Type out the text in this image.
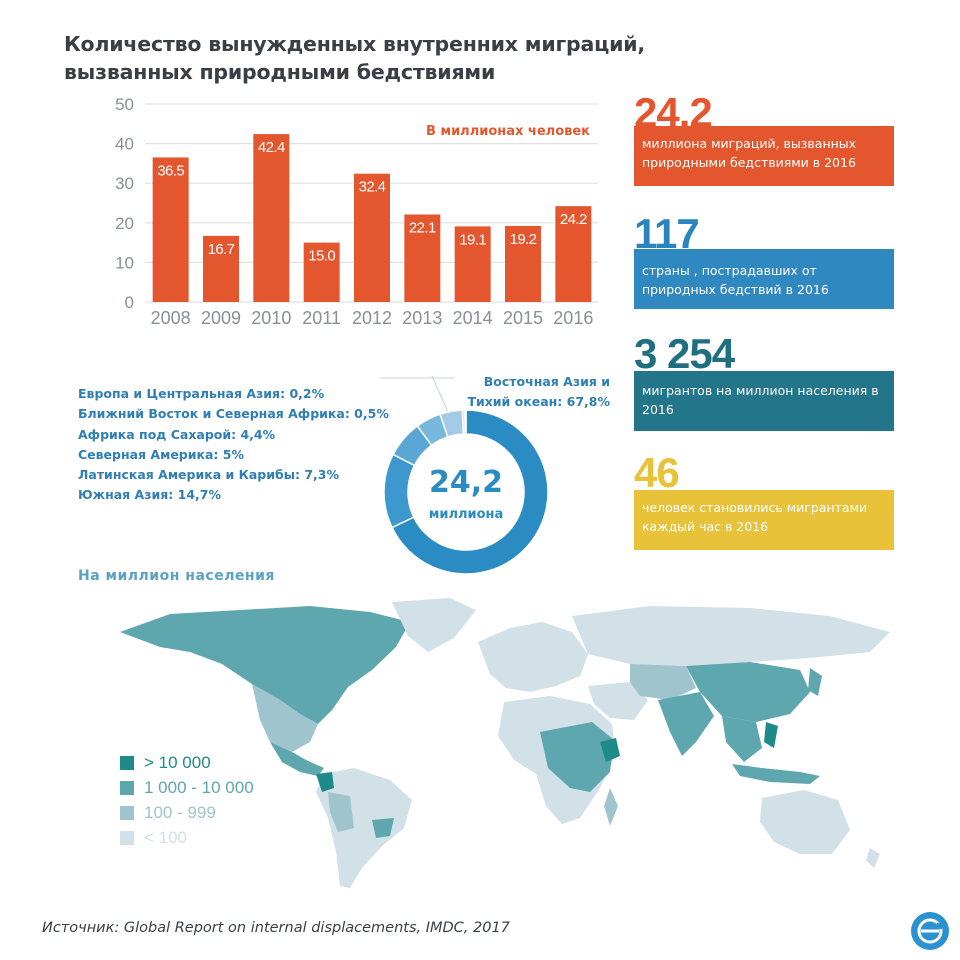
Количество вынужденных внутренних миграций,
вызванных природными бедствиями
36.5
16.7
42.4
15.0
32.4
22.1
19.1 19.2
24.2
0
10
20
30
40
50
2008 2009 2010 2011 2012 2013 2014 2015 2016
В миллионах человек 24.2
миллиона миграций, вызванных природными бедствиями в 2016
117
страны , пострадавших от природных бедствий в 2016
3 254
мигрантов на миллион населения в 2016
46
человек становились мигрантами каждый час в 2016
24,2
миллиона
Европа и Центральная Азия: 0,2%
Ближний Восток и Северная Африка: 0,5%
Африка под Сахарой: 4,4%
Северная Америка: 5%
Латинская Америка и Карибы: 7,3%
Южная Азия: 14,7%
Восточная Азия и
Тихий океан: 67,8%
На миллион населения
> 10 000
1 000 - 10 000
100 - 999
< 100
Источник: Global Report on internal displacements, IMDC, 2017
